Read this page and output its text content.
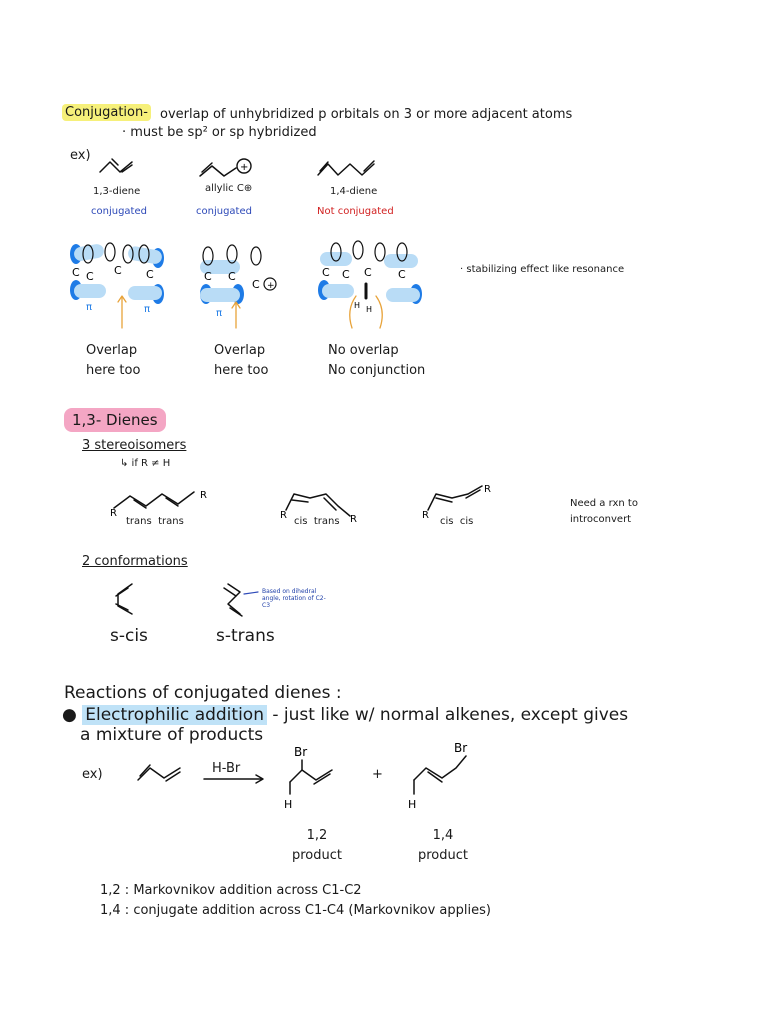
Conjugation- overlap of unhybridized p orbitals on 3 or more adjacent atoms
· must be sp² or sp hybridized
ex)
+
1,3-diene	allylic C⊕	1,4-diene
conjugated	conjugated	Not conjugated
C C C C
π	π
C C
C +
π
C C C C
H H
· stabilizing effect like resonance
Overlap
here too
Overlap
here too
No overlap
No conjunction
1,3- Dienes
3 stereoisomers
↳ if R ≠ H
R
R
R	R	R
R
trans  trans	cis  trans	cis  cis
Need a rxn to
introconvert
2 conformations
Based on dihedral angle, rotation of C2-C3
s-cis	s-trans
Reactions of conjugated dienes :
● Electrophilic addition - just like w/ normal alkenes, except gives
a mixture of products
ex)	H-Br
Br
H
+
Br
H
1,2
product
1,4
product
1,2 : Markovnikov addition across C1-C2
1,4 : conjugate addition across C1-C4 (Markovnikov applies)
